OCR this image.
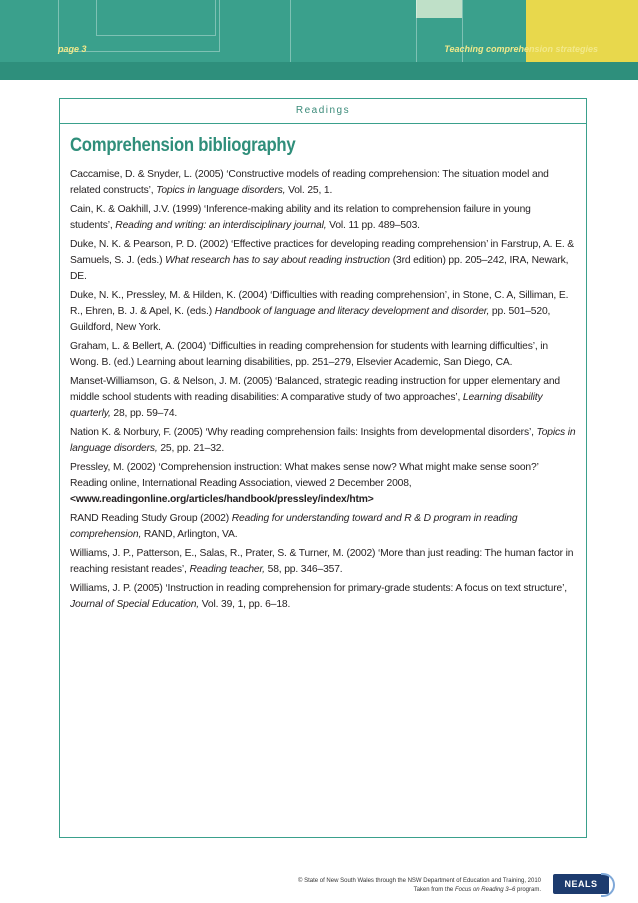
page 3	Teaching comprehension strategies
Readings
Comprehension bibliography

Caccamise, D. & Snyder, L. (2005) ‘Constructive models of reading comprehension: The situation model and related constructs’, Topics in language disorders, Vol. 25, 1.

Cain, K. & Oakhill, J.V. (1999) ‘Inference-making ability and its relation to comprehension failure in young students’, Reading and writing: an interdisciplinary journal, Vol. 11 pp. 489–503.

Duke, N. K. & Pearson, P. D. (2002) ‘Effective practices for developing reading comprehension’ in Farstrup, A. E. & Samuels, S. J. (eds.) What research has to say about reading instruction (3rd edition) pp. 205–242, IRA, Newark, DE.

Duke, N. K., Pressley, M. & Hilden, K. (2004) ‘Difficulties with reading comprehension’, in Stone, C. A, Silliman, E. R., Ehren, B. J. & Apel, K. (eds.) Handbook of language and literacy development and disorder, pp. 501–520, Guildford, New York.

Graham, L. & Bellert, A. (2004) ‘Difficulties in reading comprehension for students with learning difficulties’, in Wong. B. (ed.) Learning about learning disabilities, pp. 251–279, Elsevier Academic, San Diego, CA.

Manset-Williamson, G. & Nelson, J. M. (2005) ‘Balanced, strategic reading instruction for upper elementary and middle school students with reading disabilities: A comparative study of two approaches’, Learning disability quarterly, 28, pp. 59–74.

Nation K. & Norbury, F. (2005) ‘Why reading comprehension fails: Insights from developmental disorders’, Topics in language disorders, 25, pp. 21–32.

Pressley, M. (2002) ‘Comprehension instruction: What makes sense now? What might make sense soon?’ Reading online, International Reading Association, viewed 2 December 2008, <www.readingonline.org/articles/handbook/pressley/index/htm>

RAND Reading Study Group (2002) Reading for understanding toward and R & D program in reading comprehension, RAND, Arlington, VA.

Williams, J. P., Patterson, E., Salas, R., Prater, S. & Turner, M. (2002) ‘More than just reading: The human factor in reaching resistant reades’, Reading teacher, 58, pp. 346–357.

Williams, J. P. (2005) ‘Instruction in reading comprehension for primary-grade students: A focus on text structure’, Journal of Special Education, Vol. 39, 1, pp. 6–18.

© State of New South Wales through the NSW Department of Education and Training, 2010
Taken from the Focus on Reading 3–6 program.
NEALS
